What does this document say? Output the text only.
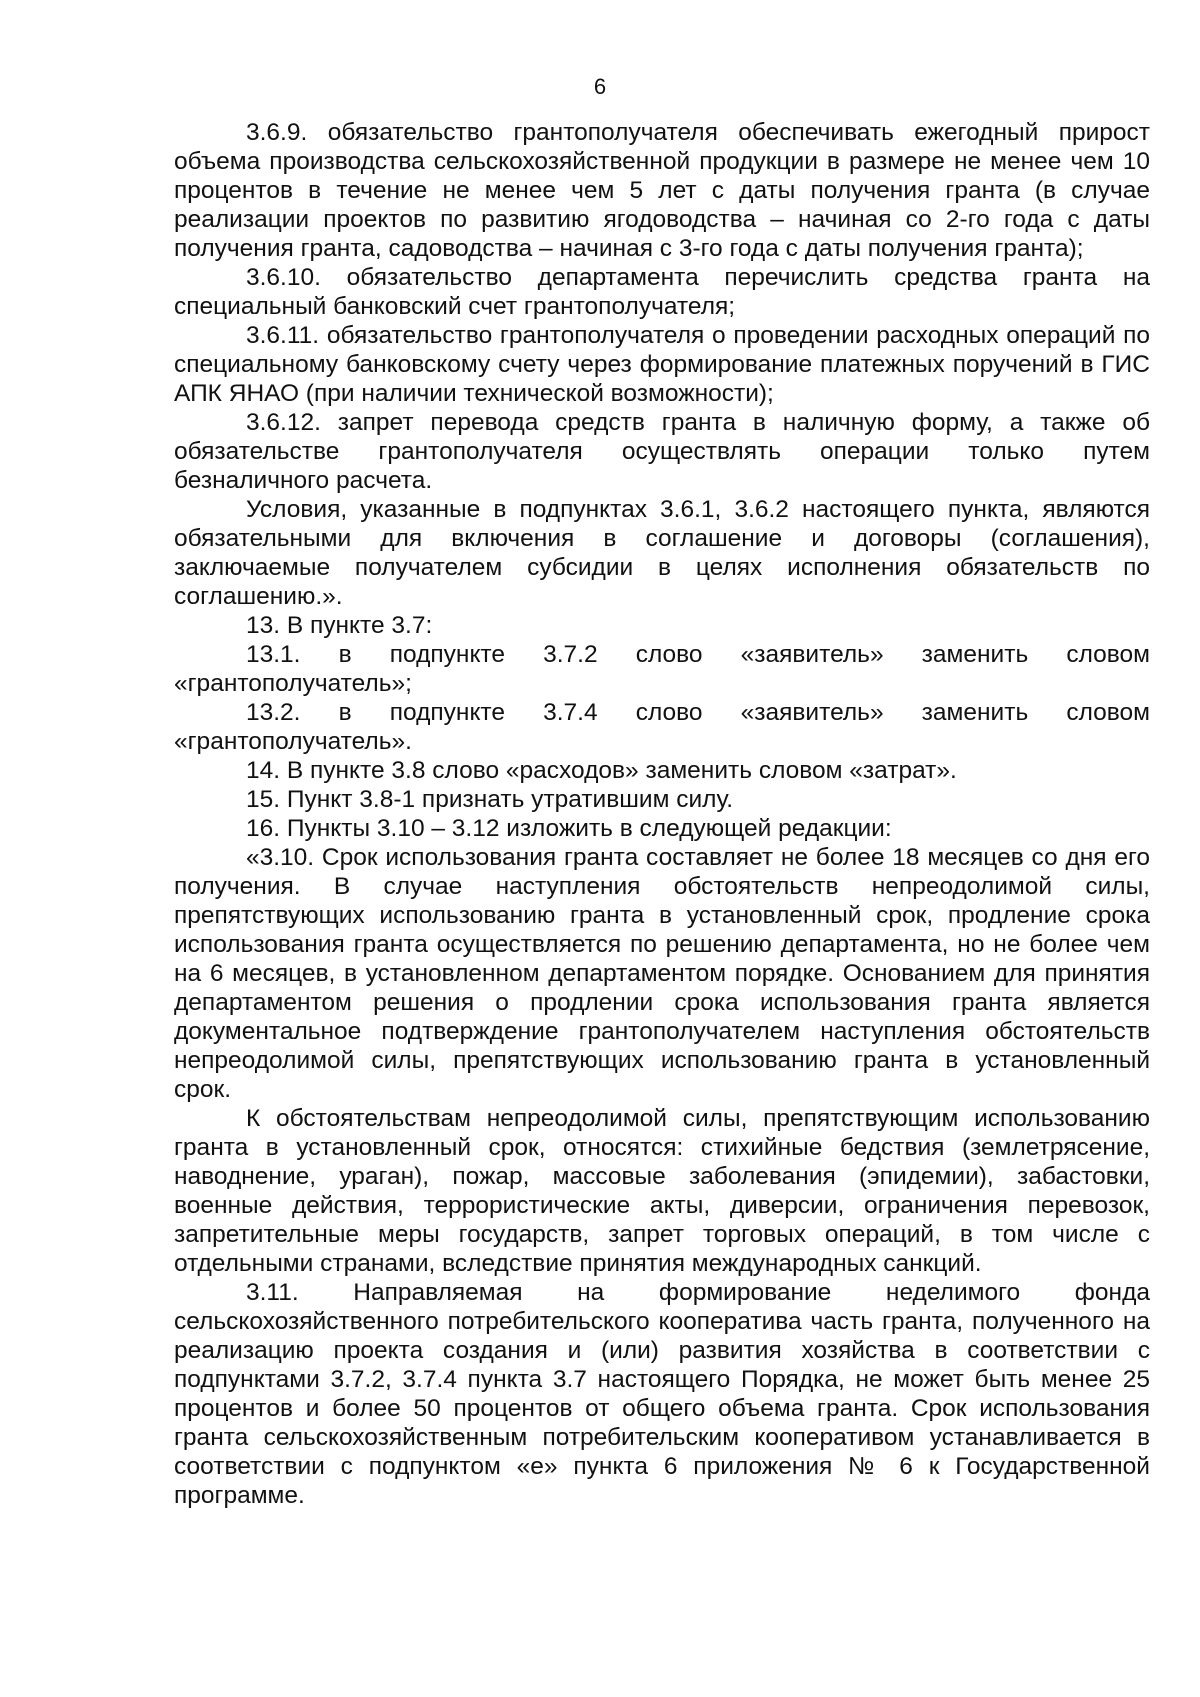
6

3.6.9. обязательство грантополучателя обеспечивать ежегодный прирост объема производства сельскохозяйственной продукции в размере не менее чем 10 процентов в течение не менее чем 5 лет с даты получения гранта (в случае реализации проектов по развитию ягодоводства – начиная со 2-го года с даты получения гранта, садоводства – начиная с 3-го года с даты получения гранта);

3.6.10. обязательство департамента перечислить средства гранта на специальный банковский счет грантополучателя;

3.6.11. обязательство грантополучателя о проведении расходных операций по специальному банковскому счету через формирование платежных поручений в ГИС АПК ЯНАО (при наличии технической возможности);

3.6.12. запрет перевода средств гранта в наличную форму, а также об обязательстве грантополучателя осуществлять операции только путем безналичного расчета.

Условия, указанные в подпунктах 3.6.1, 3.6.2 настоящего пункта, являются обязательными для включения в соглашение и договоры (соглашения), заключаемые получателем субсидии в целях исполнения обязательств по соглашению.».

13. В пункте 3.7:

13.1. в подпункте 3.7.2 слово «заявитель» заменить словом «грантополучатель»;

13.2. в подпункте 3.7.4 слово «заявитель» заменить словом «грантополучатель».

14. В пункте 3.8 слово «расходов» заменить словом «затрат».

15. Пункт 3.8-1 признать утратившим силу.

16. Пункты 3.10 – 3.12 изложить в следующей редакции:

«3.10. Срок использования гранта составляет не более 18 месяцев со дня его получения. В случае наступления обстоятельств непреодолимой силы, препятствующих использованию гранта в установленный срок, продление срока использования гранта осуществляется по решению департамента, но не более чем на 6 месяцев, в установленном департаментом порядке. Основанием для принятия департаментом решения о продлении срока использования гранта является документальное подтверждение грантополучателем наступления обстоятельств непреодолимой силы, препятствующих использованию гранта в установленный срок.

К обстоятельствам непреодолимой силы, препятствующим использованию гранта в установленный срок, относятся: стихийные бедствия (землетрясение, наводнение, ураган), пожар, массовые заболевания (эпидемии), забастовки, военные действия, террористические акты, диверсии, ограничения перевозок, запретительные меры государств, запрет торговых операций, в том числе с отдельными странами, вследствие принятия международных санкций.

3.11. Направляемая на формирование неделимого фонда сельскохозяйственного потребительского кооператива часть гранта, полученного на реализацию проекта создания и (или) развития хозяйства в соответствии с подпунктами 3.7.2, 3.7.4 пункта 3.7 настоящего Порядка, не может быть менее 25 процентов и более 50 процентов от общего объема гранта. Срок использования гранта сельскохозяйственным потребительским кооперативом устанавливается в соответствии с подпунктом «е» пункта 6 приложения № 6 к Государственной программе.
